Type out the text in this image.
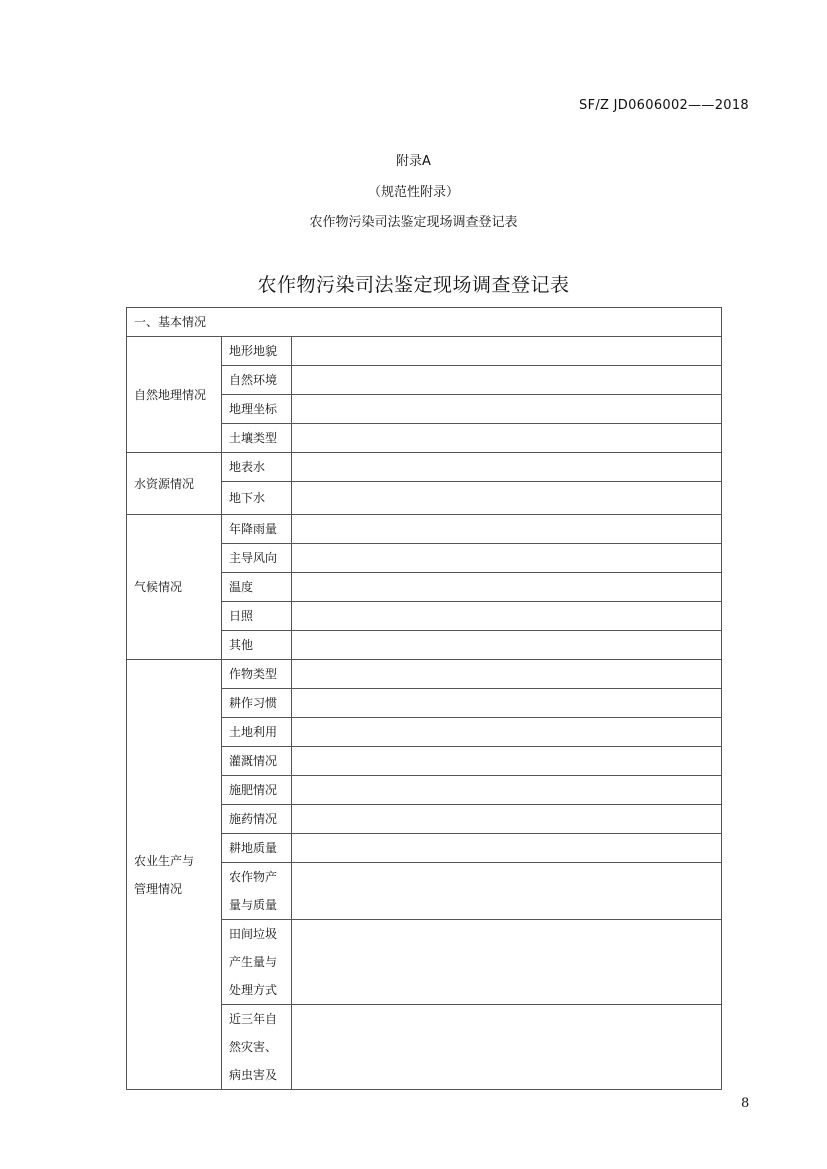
SF/Z JD0606002——2018
附录A
（规范性附录）
农作物污染司法鉴定现场调查登记表
农作物污染司法鉴定现场调查登记表
一、基本情况		
自然地理情况	地形地貌	
	自然环境	
	地理坐标	
	土壤类型	
水资源情况	地表水	
	地下水	
气候情况	年降雨量	
	主导风向	
	温度	
	日照	
	其他	

农业生产与
管理情况	作物类型	
	耕作习惯	
	土地利用	
	灌溉情况	
	施肥情况	
	施药情况	
	耕地质量	

	农作物产
量与质量	

	田间垃圾
产生量与
处理方式	

	近三年自
然灾害、
病虫害及	

8
